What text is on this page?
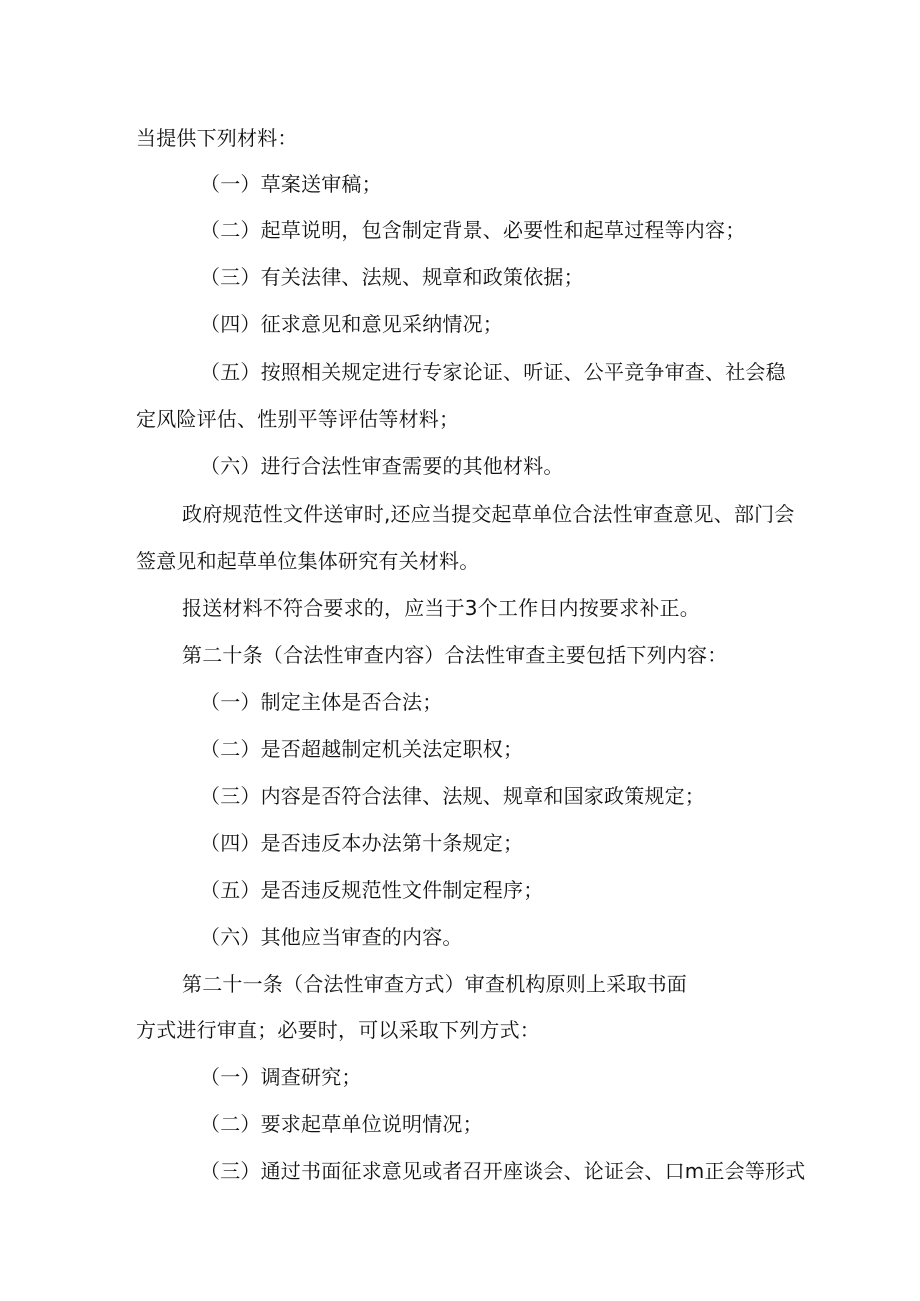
当提供下列材料：
（一）草案送审稿；
（二）起草说明，包含制定背景、必要性和起草过程等内容；
（三）有关法律、法规、规章和政策依据；
（四）征求意见和意见采纳情况；
（五）按照相关规定进行专家论证、听证、公平竞争审查、社会稳
定风险评估、性别平等评估等材料；
（六）进行合法性审查需要的其他材料。
政府规范性文件送审时,还应当提交起草单位合法性审查意见、部门会
签意见和起草单位集体研究有关材料。
报送材料不符合要求的，应当于3个工作日内按要求补正。
第二十条（合法性审查内容）合法性审查主要包括下列内容：
（一）制定主体是否合法；
（二）是否超越制定机关法定职权；
（三）内容是否符合法律、法规、规章和国家政策规定；
（四）是否违反本办法第十条规定；
（五）是否违反规范性文件制定程序；
（六）其他应当审查的内容。
第二十一条（合法性审查方式）审查机构原则上采取书面
方式进行审直；必要时，可以采取下列方式：
（一）调查研究；
（二）要求起草单位说明情况；
（三）通过书面征求意见或者召开座谈会、论证会、口m正会等形式
